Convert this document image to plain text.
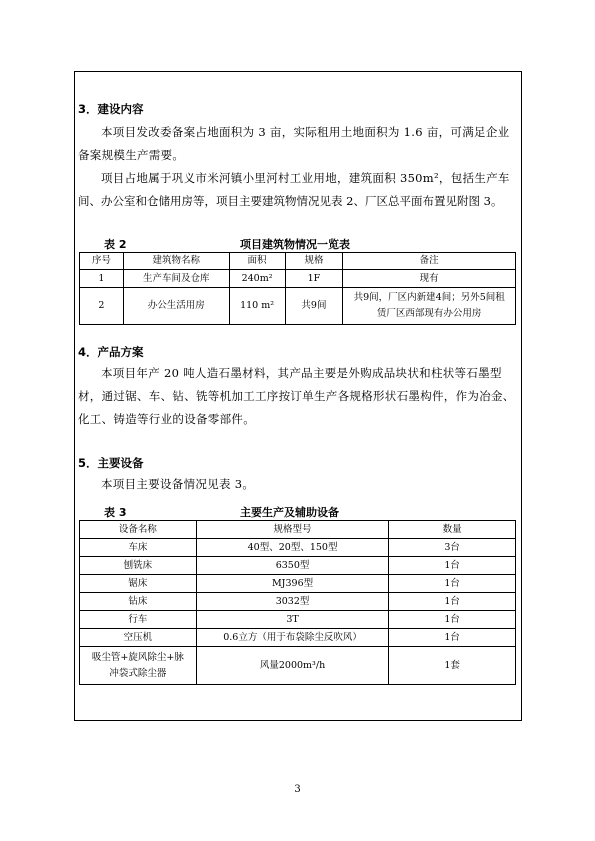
3．建设内容
本项目发改委备案占地面积为 3 亩，实际租用土地面积为 1.6 亩，可满足企业
备案规模生产需要。
项目占地属于巩义市米河镇小里河村工业用地，建筑面积 350m²，包括生产车
间、办公室和仓储用房等，项目主要建筑物情况见表 2、厂区总平面布置见附图 3。
表 2	项目建筑物情况一览表
序号	建筑物名称	面积	规格	备注
1	生产车间及仓库	240m²	1F	现有
2	办公生活用房	110 m²	共9间	共9间，厂区内新建4间；另外5间租赁厂区西部现有办公用房
4．产品方案
本项目年产 20 吨人造石墨材料，其产品主要是外购成品块状和柱状等石墨型
材，通过锯、车、钻、铣等机加工工序按订单生产各规格形状石墨构件，作为冶金、
化工、铸造等行业的设备零部件。
5．主要设备
本项目主要设备情况见表 3。
表 3	主要生产及辅助设备
设备名称	规格型号	数量
车床	40型、20型、150型	3台
刨铣床	6350型	1台
锯床	MJ396型	1台
钻床	3032型	1台
行车	3T	1台
空压机	0.6立方（用于布袋除尘反吹风）	1台
吸尘管+旋风除尘+脉冲袋式除尘器	风量2000m³/h	1套
3
